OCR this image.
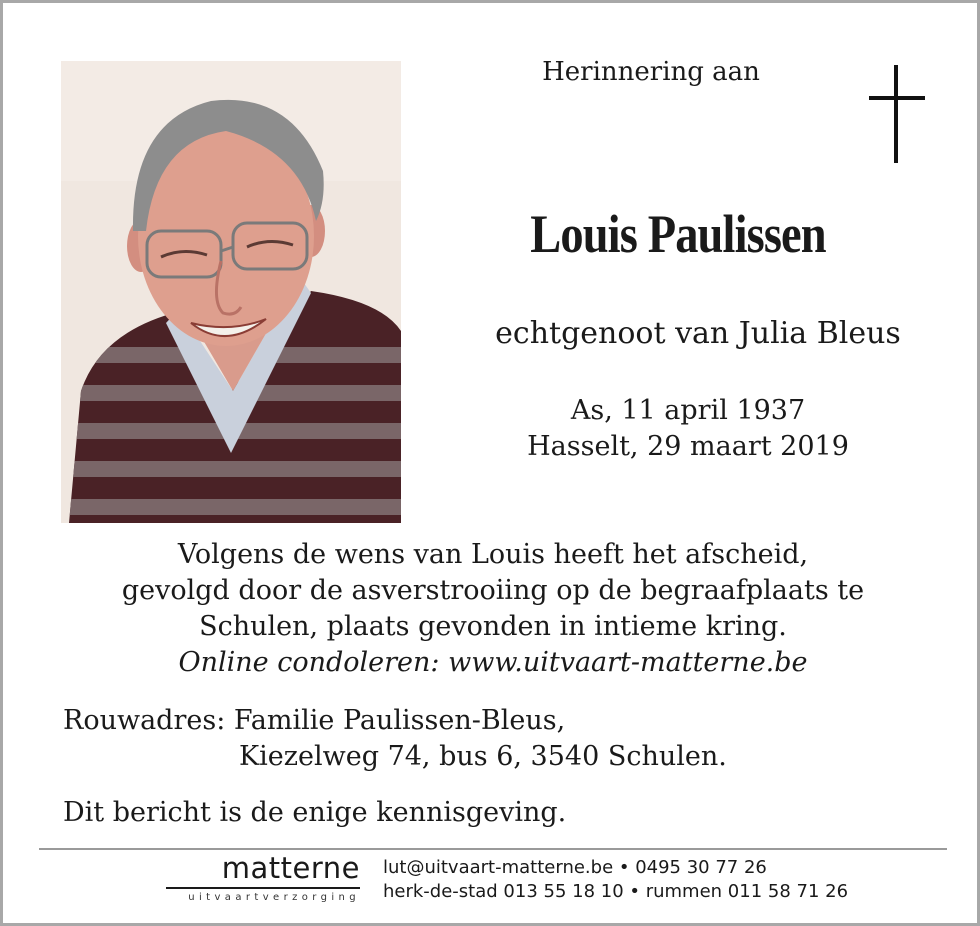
Herinnering aan
Louis Paulissen
echtgenoot van Julia Bleus
As, 11 april 1937
Hasselt, 29 maart 2019
Volgens de wens van Louis heeft het afscheid,
gevolgd door de asverstrooiing op de begraafplaats te
Schulen, plaats gevonden in intieme kring.
Online condoleren: www.uitvaart-matterne.be
Rouwadres: Familie Paulissen-Bleus,
Kiezelweg 74, bus 6, 3540 Schulen.
Dit bericht is de enige kennisgeving.
matterne
uitvaartverzorging
lut@uitvaart-matterne.be • 0495 30 77 26
herk-de-stad 013 55 18 10 • rummen 011 58 71 26
